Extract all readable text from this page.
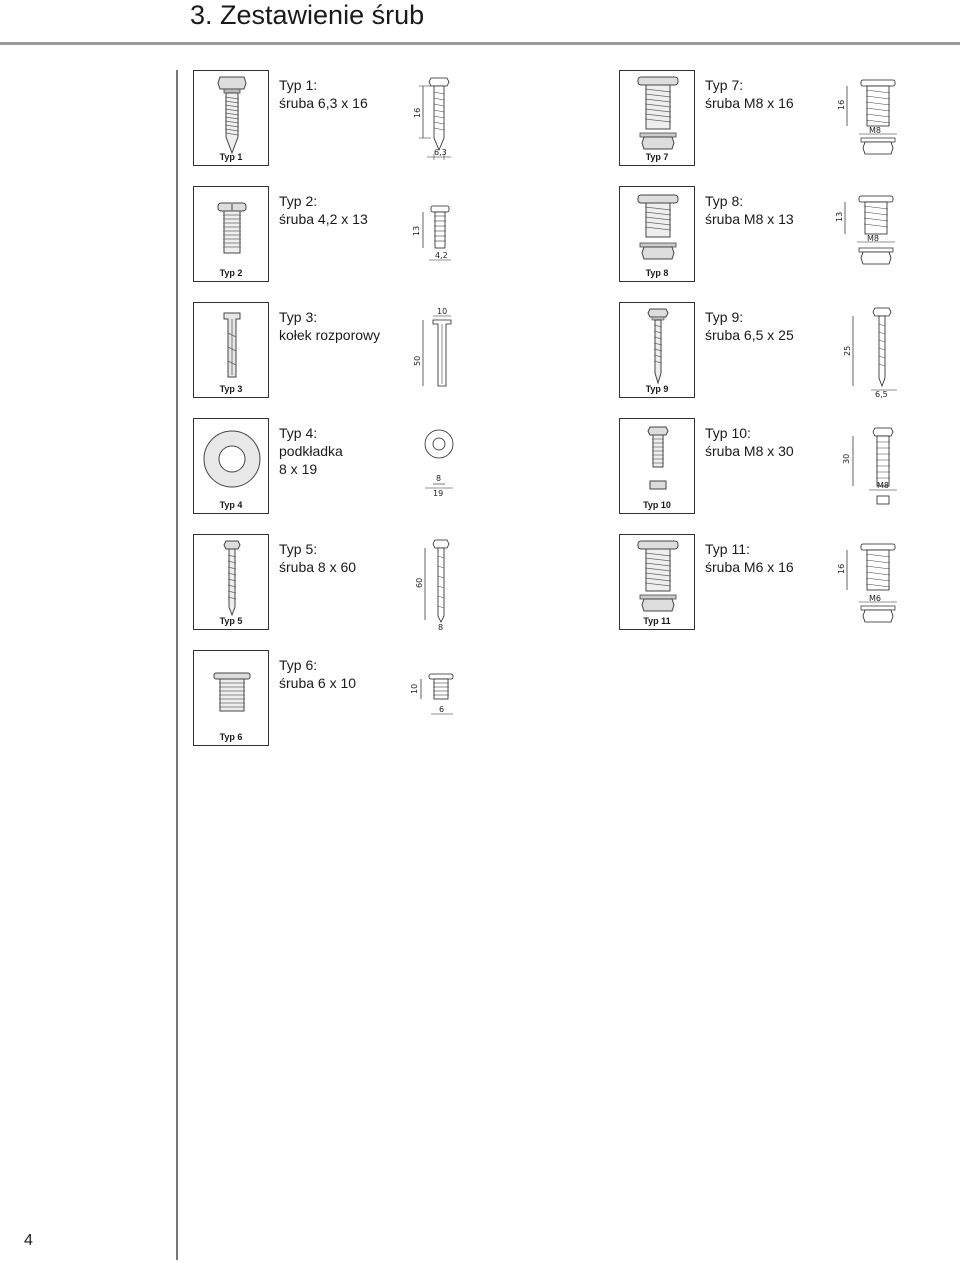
3. Zestawienie śrub
4
Typ 1
Typ 1:
śruba 6,3 x 16
16
6,3
Typ 2
Typ 2:
śruba 4,2 x 13
13
4,2
Typ 3
Typ 3:
kołek rozporowy
10
50
Typ 4
Typ 4:
podkładka
8 x 19
8
19
Typ 5
Typ 5:
śruba 8 x 60
60
8
Typ 6
Typ 6:
śruba 6 x 10	10
6
Typ 7
Typ 7:
śruba M8 x 16	16
M8
Typ 8
Typ 8:
śruba M8 x 13	13
M8
Typ 9
Typ 9:
śruba 6,5 x 25
25
6,5
Typ 10
Typ 10:
śruba M8 x 30	30
M8
Typ 11
Typ 11:
śruba M6 x 16	16
M6
